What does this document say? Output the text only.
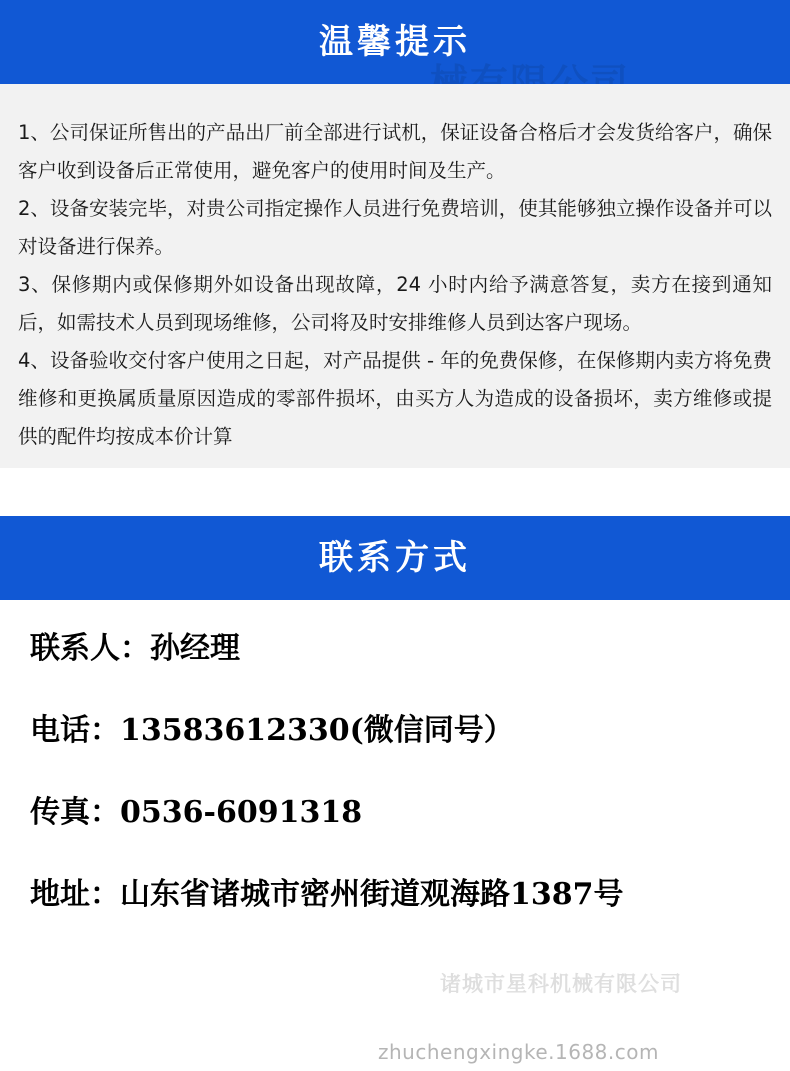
温馨提示

1、公司保证所售出的产品出厂前全部进行试机，保证设备合格后才会发货给客户，确保客户收到设备后正常使用，避免客户的使用时间及生产。

2、设备安装完毕，对贵公司指定操作人员进行免费培训，使其能够独立操作设备并可以对设备进行保养。

3、保修期内或保修期外如设备出现故障，24 小时内给予满意答复，卖方在接到通知后，如需技术人员到现场维修，公司将及时安排维修人员到达客户现场。

4、设备验收交付客户使用之日起，对产品提供 - 年的免费保修，在保修期内卖方将免费维修和更换属质量原因造成的零部件损坏，由买方人为造成的设备损坏，卖方维修或提供的配件均按成本价计算

联系方式
联系人：孙经理
电话：13583612330(微信同号）
传真：0536-6091318
地址：山东省诸城市密州街道观海路1387号
诸城市星科机械有限公司
zhuchengxingke.1688.com
